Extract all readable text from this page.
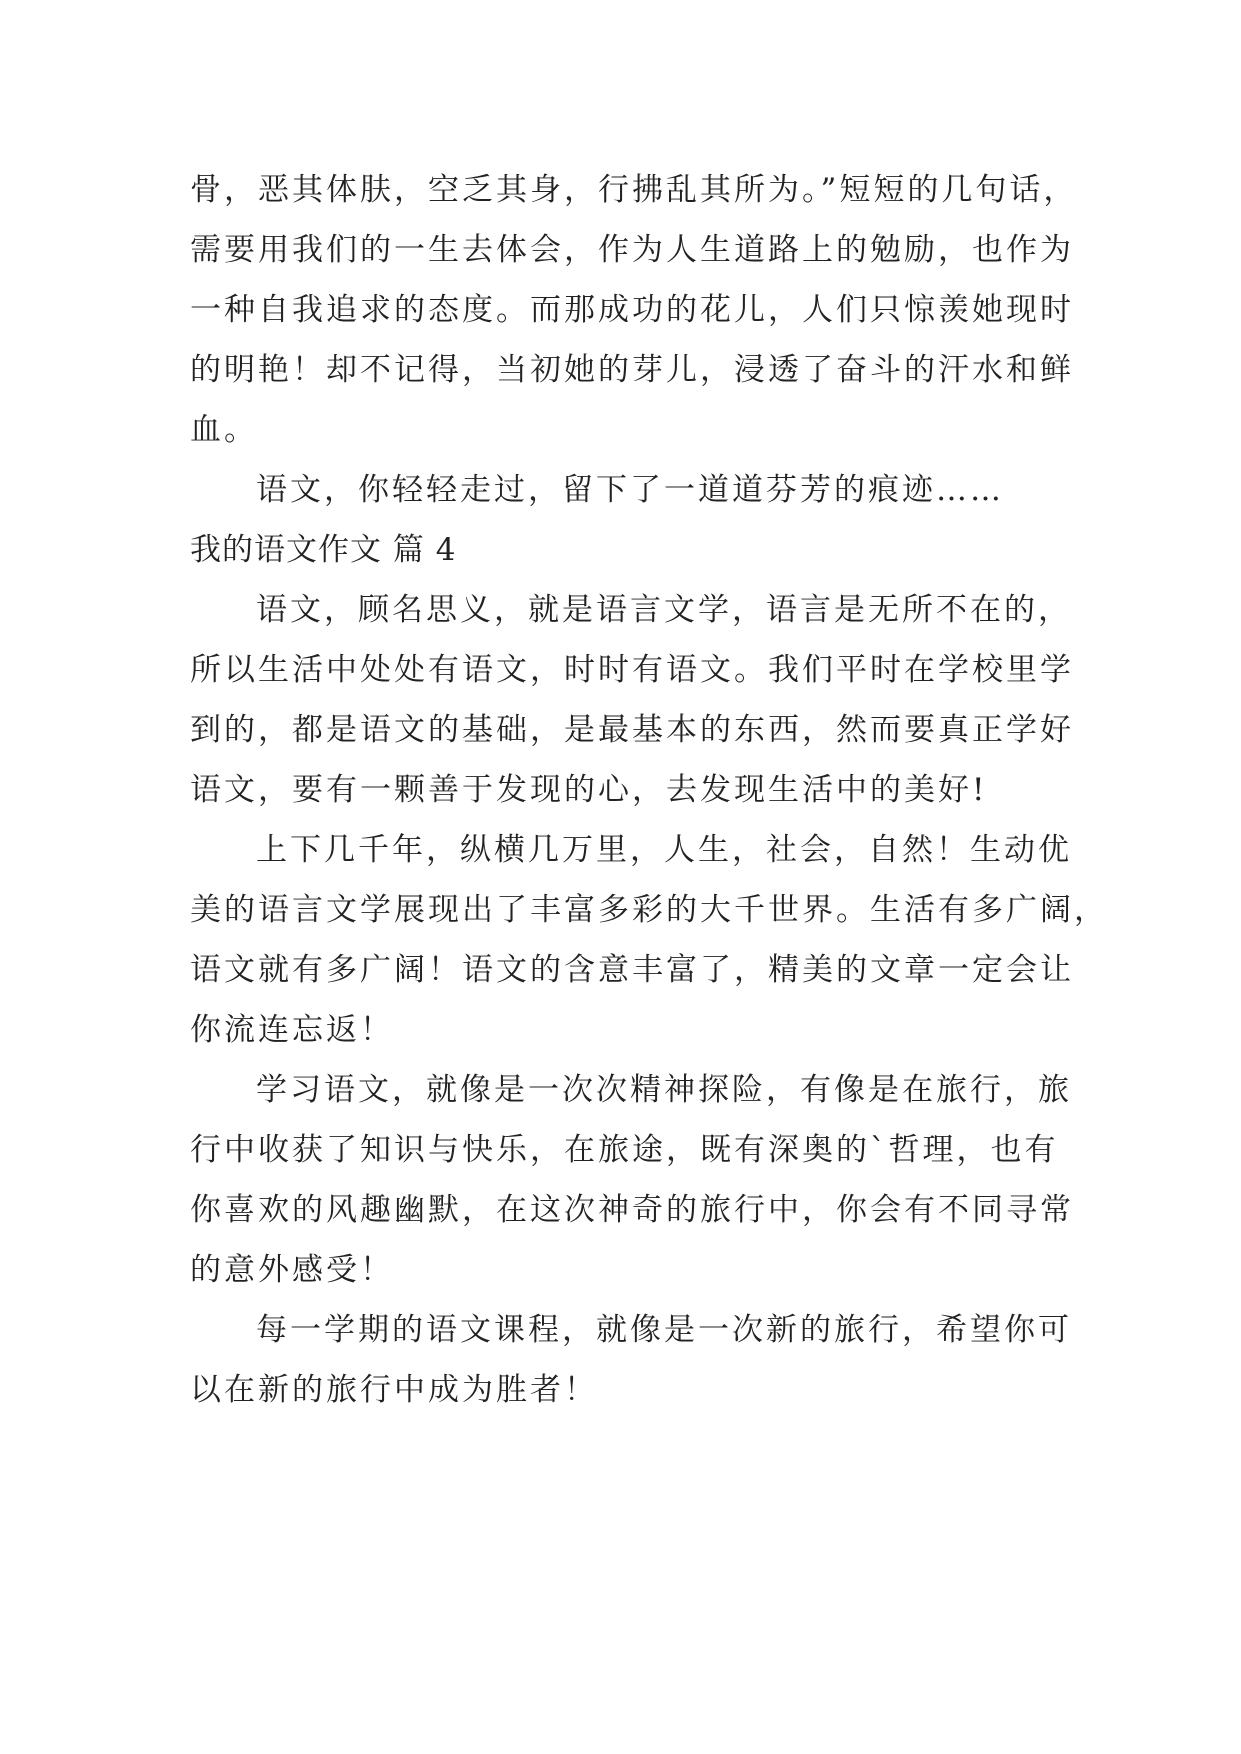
骨，恶其体肤，空乏其身，行拂乱其所为。”短短的几句话，
需要用我们的一生去体会，作为人生道路上的勉励，也作为
一种自我追求的态度。而那成功的花儿，人们只惊羡她现时
的明艳！却不记得，当初她的芽儿，浸透了奋斗的汗水和鲜
血。
语文，你轻轻走过，留下了一道道芬芳的痕迹……
我的语文作文 篇 4
语文，顾名思义，就是语言文学，语言是无所不在的，
所以生活中处处有语文，时时有语文。我们平时在学校里学
到的，都是语文的基础，是最基本的东西，然而要真正学好
语文，要有一颗善于发现的心，去发现生活中的美好!
上下几千年，纵横几万里，人生，社会，自然！生动优
美的语言文学展现出了丰富多彩的大千世界。生活有多广阔，
语文就有多广阔！语文的含意丰富了，精美的文章一定会让
你流连忘返！
学习语文，就像是一次次精神探险，有像是在旅行，旅
行中收获了知识与快乐，在旅途，既有深奥的`哲理，也有
你喜欢的风趣幽默，在这次神奇的旅行中，你会有不同寻常
的意外感受！
每一学期的语文课程，就像是一次新的旅行，希望你可
以在新的旅行中成为胜者！
